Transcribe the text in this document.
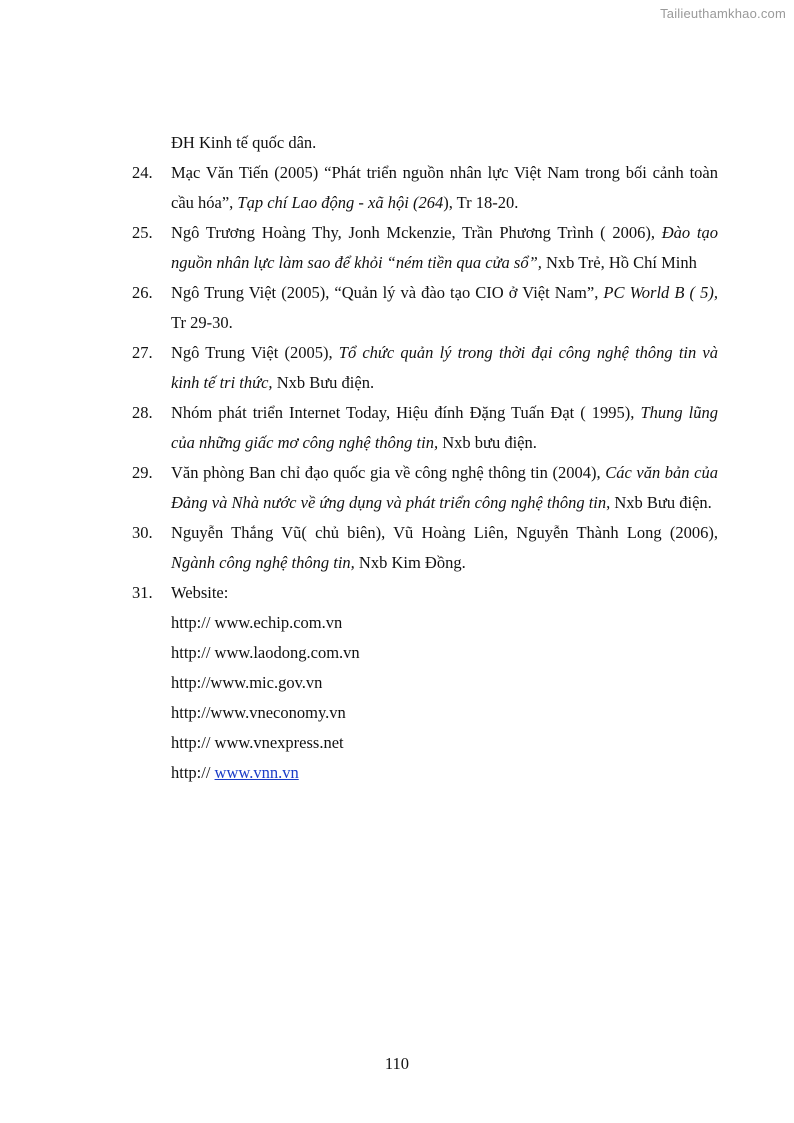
Tailieuthamkhao.com
ĐH Kinh tế quốc dân.
24. Mạc Văn Tiến (2005) “Phát triển nguồn nhân lực Việt Nam trong bối cảnh toàn cầu hóa”, Tạp chí Lao động - xã hội (264), Tr 18-20.
25. Ngô Trương Hoàng Thy, Jonh Mckenzie, Trần Phương Trình ( 2006), Đào tạo nguồn nhân lực làm sao để khỏi “ném tiền qua cửa sổ”, Nxb Trẻ, Hồ Chí Minh
26. Ngô Trung Việt (2005), “Quản lý và đào tạo CIO ở Việt Nam”, PC World B ( 5), Tr 29-30.
27. Ngô Trung Việt (2005), Tổ chức quản lý trong thời đại công nghệ thông tin và kinh tế tri thức, Nxb Bưu điện.
28. Nhóm phát triển Internet Today, Hiệu đính Đặng Tuấn Đạt ( 1995), Thung lũng của những giấc mơ công nghệ thông tin, Nxb bưu điện.
29. Văn phòng Ban chỉ đạo quốc gia về công nghệ thông tin (2004), Các văn bản của Đảng và Nhà nước về ứng dụng và phát triển công nghệ thông tin, Nxb Bưu điện.
30. Nguyễn Thắng Vũ( chủ biên), Vũ Hoàng Liên, Nguyễn Thành Long (2006), Ngành công nghệ thông tin, Nxb Kim Đồng.
31. Website:
http:// www.echip.com.vn
http:// www.laodong.com.vn
http://www.mic.gov.vn
http://www.vneconomy.vn
http:// www.vnexpress.net
http:// www.vnn.vn
110
